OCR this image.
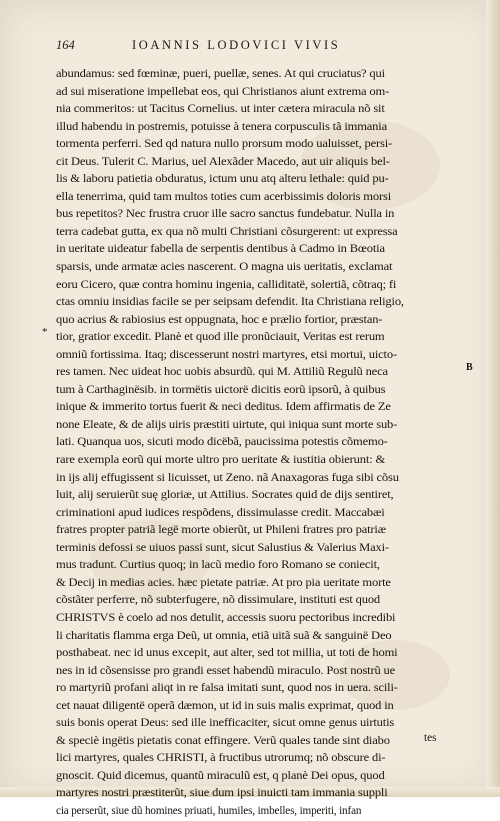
164	IOANNIS LODOVICI VIVIS
abundamus: sed fœminæ, pueri, puellæ, senes. At qui cruciatus? qui
ad sui miseratione impellebat eos, qui Christianos aiunt extrema om-
nia commeritos: ut Tacitus Cornelius. ut inter cætera miracula nõ sit
illud habendu in postremis, potuisse à tenera corpusculis tã immania
tormenta perferri. Sed qd natura nullo prorsum modo ualuisset, persi-
cit Deus. Tulerit C. Marius, uel Alexãder Macedo, aut uir aliquis bel-
lis & laboru patietia obduratus, ictum unu atq alteru lethale: quid pu-
ella tenerrima, quid tam multos toties cum acerbissimis doloris morsi
bus repetitos? Nec frustra cruor ille sacro sanctus fundebatur. Nulla in
terra cadebat gutta, ex qua nõ multi Christiani cõsurgerent: ut expressa
in ueritate uideatur fabella de serpentis dentibus à Cadmo in Bœotia
sparsis, unde armatæ acies nascerent. O magna uis ueritatis, exclamat
eoru Cicero, quæ contra hominu ingenia, calliditatë, solertiã, cõtraq; fi
ctas omniu insidias facile se per seipsam defendit. Ita Christiana religio,
quo acrius & rabiosius est oppugnata, hoc e prælio fortior, præstan-
tior, gratior excedit. Planè et quod ille pronũciauit, Veritas est rerum
omniũ fortissima. Itaq; discesserunt nostri martyres, etsi mortui, uicto-
res tamen. Nec uideat hoc uobis absurdũ. qui M. Attiliũ Regulũ neca
tum à Carthaginësib. in tormëtis uictorë dicitis eorũ ipsorũ, à quibus
inique & immerito tortus fuerit & neci deditus. Idem affirmatis de Ze
none Eleate, & de alijs uiris præstiti uirtute, qui iniqua sunt morte sub-
lati. Quanqua uos, sicuti modo dicëbã, paucissima potestis cõmemo-
rare exempla eorũ qui morte ultro pro ueritate & iustitia obierunt: &
in ijs alij effugissent si licuisset, ut Zeno. nã Anaxagoras fuga sibi cõsu
luit, alij seruierũt suę gloriæ, ut Attilius. Socrates quid de dijs sentiret,
criminationi apud iudices respõdens, dissimulasse credit. Maccabæi
fratres propter patriã legë morte obierũt, ut Phileni fratres pro patriæ
terminis defossi se uiuos passi sunt, sicut Salustius & Valerius Maxi-
mus tradunt. Curtius quoq; in lacũ medio foro Romano se coniecit,
& Decij in medias acies. hæc pietate patriæ. At pro pia ueritate morte
cõstãter perferre, nõ subterfugere, nõ dissimulare, instituti est quod
CHRISTVS è coelo ad nos detulit, accessis suoru pectoribus incredibi
li charitatis flamma erga Deũ, ut omnia, etiã uitã suã & sanguinë Deo
posthabeat. nec id unus excepit, aut alter, sed tot millia, ut toti de homi
nes in id cõsensisse pro grandi esset habendũ miraculo. Post nostrũ ue
ro martyriũ profani aliqt in re falsa imitati sunt, quod nos in uera. scili-
cet nauat diligentë operã dæmon, ut id in suis malis exprimat, quod in
suis bonis operat Deus: sed ille inefficaciter, sicut omne genus uirtutis
& speciè ingëtis pietatis conat effingere. Verũ quales tande sint diabo
lici martyres, quales CHRISTI, à fructibus utrorumq; nõ obscure di-
gnoscit. Quid dicemus, quantũ miraculũ est, q planè Dei opus, quod
martyres nostri præstiterũt, siue dum ipsi inuicti tam immania suppli
cia perserũt, siue dũ homines priuati, humiles, imbelles, imperiti, infan
*
B
tes
